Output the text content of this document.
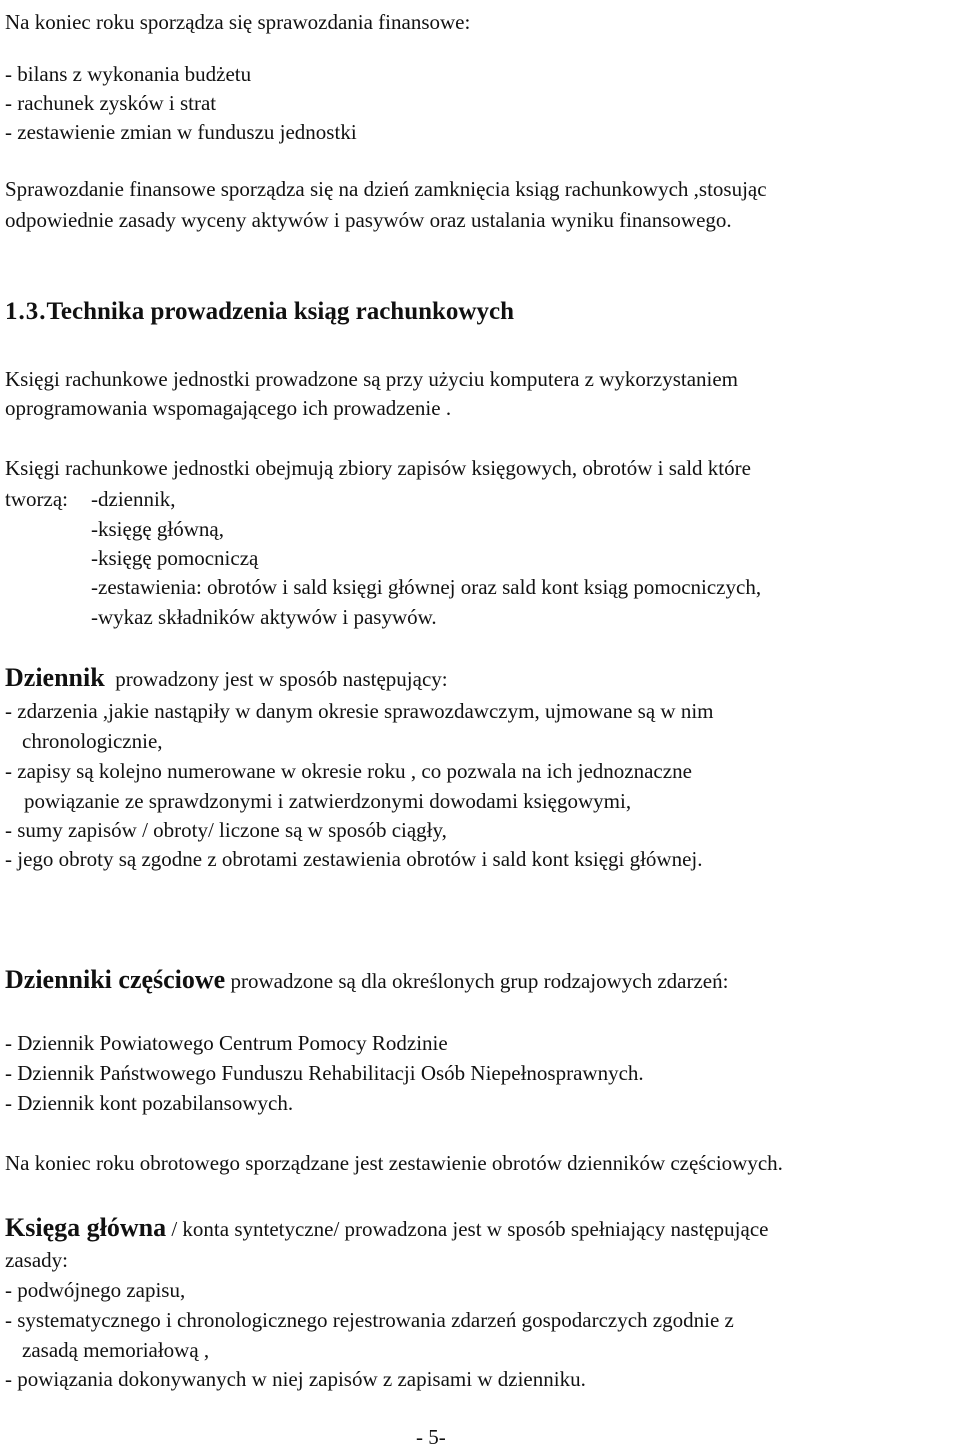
Na koniec roku sporządza się sprawozdania finansowe:
- bilans z wykonania budżetu
- rachunek zysków i strat
- zestawienie zmian w funduszu jednostki
Sprawozdanie finansowe sporządza się na dzień zamknięcia ksiąg rachunkowych ,stosując
odpowiednie zasady wyceny aktywów i pasywów oraz ustalania wyniku finansowego.
1.3.Technika prowadzenia ksiąg rachunkowych
Księgi rachunkowe jednostki prowadzone są przy użyciu komputera z wykorzystaniem
oprogramowania wspomagającego ich prowadzenie .
Księgi rachunkowe jednostki obejmują zbiory zapisów księgowych, obrotów i sald które
tworzą: -dziennik,
-księgę główną,
-księgę pomocniczą
-zestawienia: obrotów i sald księgi głównej oraz sald kont ksiąg pomocniczych,
-wykaz składników aktywów i pasywów.
Dziennik prowadzony jest w sposób następujący:
- zdarzenia ,jakie nastąpiły w danym okresie sprawozdawczym, ujmowane są w nim
chronologicznie,
- zapisy są kolejno numerowane w okresie roku , co pozwala na ich jednoznaczne
powiązanie ze sprawdzonymi i zatwierdzonymi dowodami księgowymi,
- sumy zapisów / obroty/ liczone są w sposób ciągły,
- jego obroty są zgodne z obrotami zestawienia obrotów i sald kont księgi głównej.
Dzienniki częściowe prowadzone są dla określonych grup rodzajowych zdarzeń:
- Dziennik Powiatowego Centrum Pomocy Rodzinie
- Dziennik Państwowego Funduszu Rehabilitacji Osób Niepełnosprawnych.
- Dziennik kont pozabilansowych.
Na koniec roku obrotowego sporządzane jest zestawienie obrotów dzienników częściowych.
Księga główna / konta syntetyczne/ prowadzona jest w sposób spełniający następujące
zasady:
- podwójnego zapisu,
- systematycznego i chronologicznego rejestrowania zdarzeń gospodarczych zgodnie z
zasadą memoriałową ,
- powiązania dokonywanych w niej zapisów z zapisami w dzienniku.
- 5-
